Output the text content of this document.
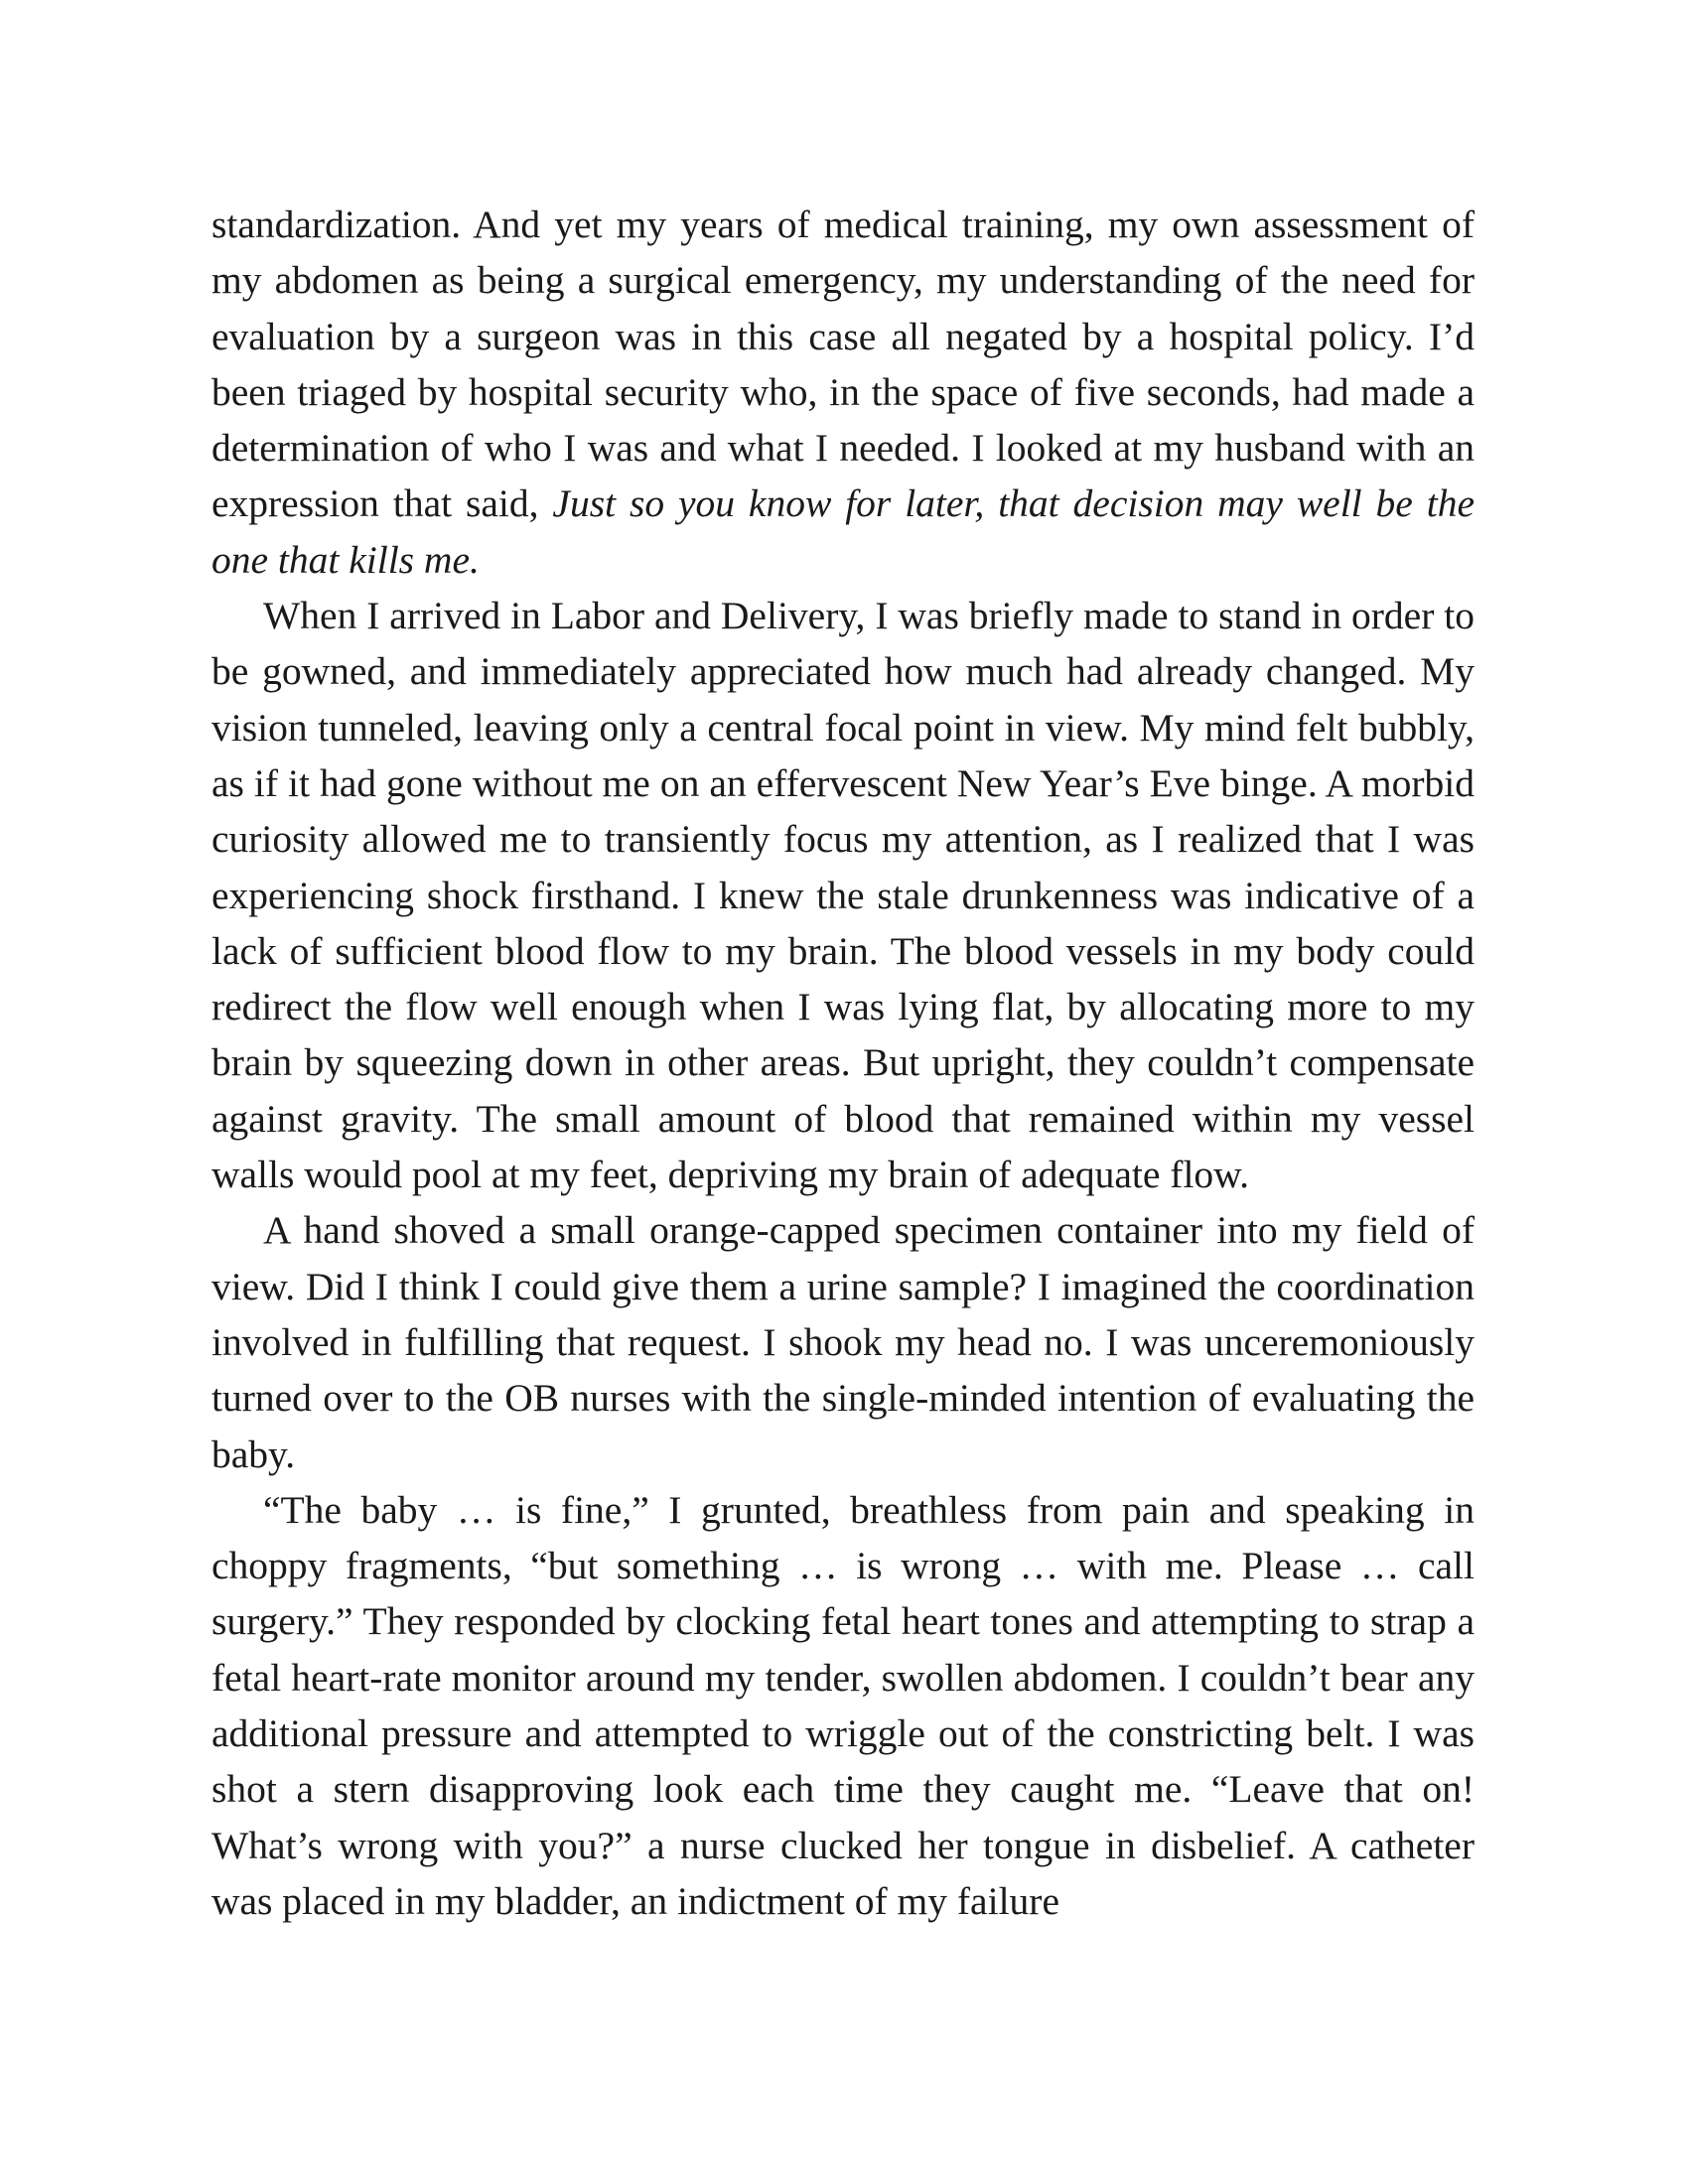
standardization. And yet my years of medical training, my own assessment of my abdomen as being a surgical emergency, my understanding of the need for evaluation by a surgeon was in this case all negated by a hospital policy. I’d been triaged by hospital security who, in the space of five seconds, had made a determination of who I was and what I needed. I looked at my husband with an expression that said, Just so you know for later, that decision may well be the one that kills me.

When I arrived in Labor and Delivery, I was briefly made to stand in order to be gowned, and immediately appreciated how much had already changed. My vision tunneled, leaving only a central focal point in view. My mind felt bubbly, as if it had gone without me on an effervescent New Year’s Eve binge. A morbid curiosity allowed me to transiently focus my attention, as I realized that I was experiencing shock firsthand. I knew the stale drunkenness was indicative of a lack of sufficient blood flow to my brain. The blood vessels in my body could redirect the flow well enough when I was lying flat, by allocating more to my brain by squeezing down in other areas. But upright, they couldn’t compensate against gravity. The small amount of blood that remained within my vessel walls would pool at my feet, depriving my brain of adequate flow.

A hand shoved a small orange-capped specimen container into my field of view. Did I think I could give them a urine sample? I imagined the coordination involved in fulfilling that request. I shook my head no. I was unceremoniously turned over to the OB nurses with the single-minded intention of evaluating the baby.

“The baby … is fine,” I grunted, breathless from pain and speaking in choppy fragments, “but something … is wrong … with me. Please … call surgery.” They responded by clocking fetal heart tones and attempting to strap a fetal heart-rate monitor around my tender, swollen abdomen. I couldn’t bear any additional pressure and attempted to wriggle out of the constricting belt. I was shot a stern disapproving look each time they caught me. “Leave that on! What’s wrong with you?” a nurse clucked her tongue in disbelief. A catheter was placed in my bladder, an indictment of my failure
